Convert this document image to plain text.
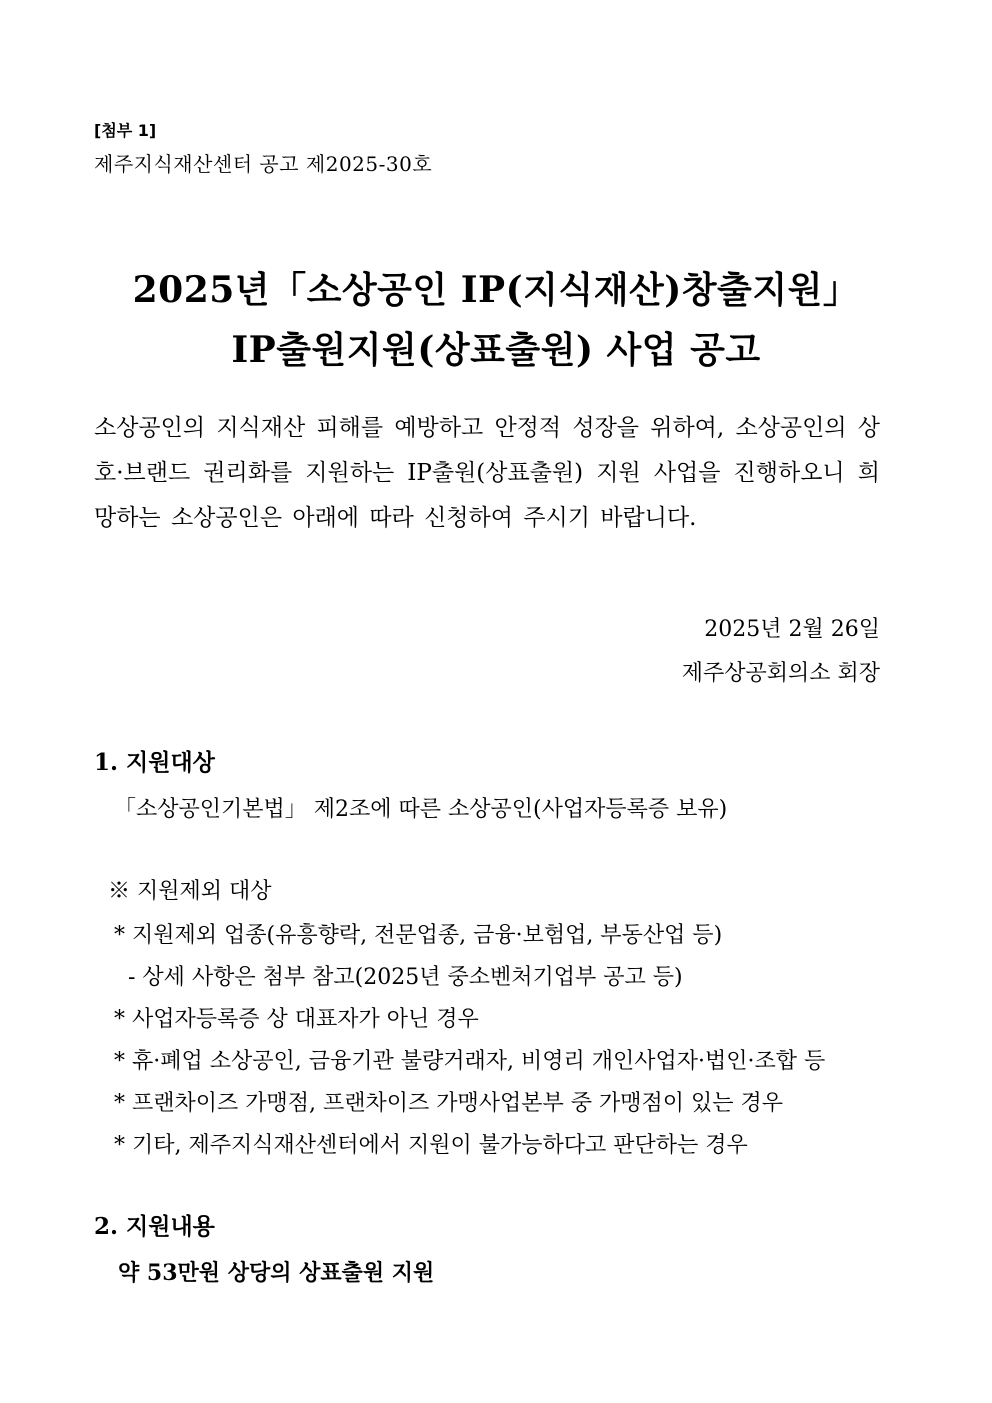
[첨부 1]
제주지식재산센터 공고 제2025-30호
2025년「소상공인 IP(지식재산)창출지원」
IP출원지원(상표출원) 사업 공고
소상공인의 지식재산 피해를 예방하고 안정적 성장을 위하여, 소상공인의 상호·브랜드 권리화를 지원하는 IP출원(상표출원) 지원 사업을 진행하오니 희망하는 소상공인은 아래에 따라 신청하여 주시기 바랍니다.
2025년 2월 26일
제주상공회의소 회장
1. 지원대상
「소상공인기본법」 제2조에 따른 소상공인(사업자등록증 보유)
※ 지원제외 대상
* 지원제외 업종(유흥향락, 전문업종, 금융·보험업, 부동산업 등)
- 상세 사항은 첨부 참고(2025년 중소벤처기업부 공고 등)
* 사업자등록증 상 대표자가 아닌 경우
* 휴·폐업 소상공인, 금융기관 불량거래자, 비영리 개인사업자·법인·조합 등
* 프랜차이즈 가맹점, 프랜차이즈 가맹사업본부 중 가맹점이 있는 경우
* 기타, 제주지식재산센터에서 지원이 불가능하다고 판단하는 경우
2. 지원내용
약 53만원 상당의 상표출원 지원
